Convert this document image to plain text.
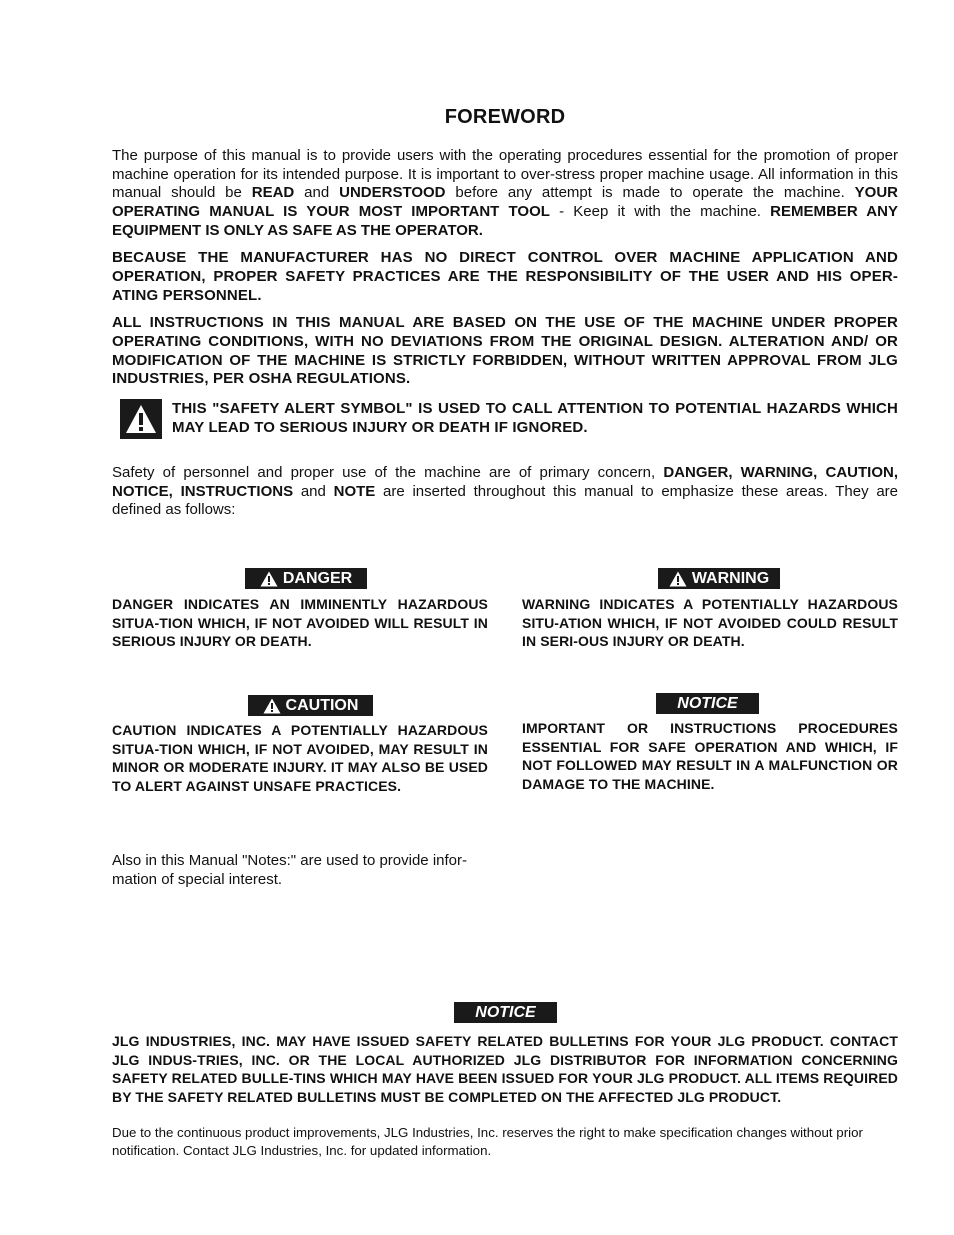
FOREWORD
The purpose of this manual is to provide users with the operating procedures essential for the promotion of proper machine operation for its intended purpose. It is important to over-stress proper machine usage. All information in this manual should be READ and UNDERSTOOD before any attempt is made to operate the machine. YOUR OPERATING MANUAL IS YOUR MOST IMPORTANT TOOL - Keep it with the machine. REMEMBER ANY EQUIPMENT IS ONLY AS SAFE AS THE OPERATOR.
BECAUSE THE MANUFACTURER HAS NO DIRECT CONTROL OVER MACHINE APPLICATION AND OPERATION, PROPER SAFETY PRACTICES ARE THE RESPONSIBILITY OF THE USER AND HIS OPER-ATING PERSONNEL.
ALL INSTRUCTIONS IN THIS MANUAL ARE BASED ON THE USE OF THE MACHINE UNDER PROPER OPERATING CONDITIONS, WITH NO DEVIATIONS FROM THE ORIGINAL DESIGN. ALTERATION AND/ OR MODIFICATION OF THE MACHINE IS STRICTLY FORBIDDEN, WITHOUT WRITTEN APPROVAL FROM JLG INDUSTRIES, PER OSHA REGULATIONS.
THIS "SAFETY ALERT SYMBOL" IS USED TO CALL ATTENTION TO POTENTIAL HAZARDS WHICH MAY LEAD TO SERIOUS INJURY OR DEATH IF IGNORED.
Safety of personnel and proper use of the machine are of primary concern, DANGER, WARNING, CAUTION, NOTICE, INSTRUCTIONS and NOTE are inserted throughout this manual to emphasize these areas. They are defined as follows:
DANGER
DANGER INDICATES AN IMMINENTLY HAZARDOUS SITUA-TION WHICH, IF NOT AVOIDED WILL RESULT IN SERIOUS INJURY OR DEATH.
WARNING
WARNING INDICATES A POTENTIALLY HAZARDOUS SITU-ATION WHICH, IF NOT AVOIDED COULD RESULT IN SERI-OUS INJURY OR DEATH.
CAUTION
CAUTION INDICATES A POTENTIALLY HAZARDOUS SITUA-TION WHICH, IF NOT AVOIDED, MAY RESULT IN MINOR OR MODERATE INJURY. IT MAY ALSO BE USED TO ALERT AGAINST UNSAFE PRACTICES.
NOTICE
IMPORTANT OR INSTRUCTIONS PROCEDURES ESSENTIAL FOR SAFE OPERATION AND WHICH, IF NOT FOLLOWED MAY RESULT IN A MALFUNCTION OR DAMAGE TO THE MACHINE.
Also in this Manual "Notes:" are used to provide infor-mation of special interest.
NOTICE
JLG INDUSTRIES, INC. MAY HAVE ISSUED SAFETY RELATED BULLETINS FOR YOUR JLG PRODUCT. CONTACT JLG INDUS-TRIES, INC. OR THE LOCAL AUTHORIZED JLG DISTRIBUTOR FOR INFORMATION CONCERNING SAFETY RELATED BULLE-TINS WHICH MAY HAVE BEEN ISSUED FOR YOUR JLG PRODUCT. ALL ITEMS REQUIRED BY THE SAFETY RELATED BULLETINS MUST BE COMPLETED ON THE AFFECTED JLG PRODUCT.
Due to the continuous product improvements, JLG Industries, Inc. reserves the right to make specification changes without prior notification. Contact JLG Industries, Inc. for updated information.
